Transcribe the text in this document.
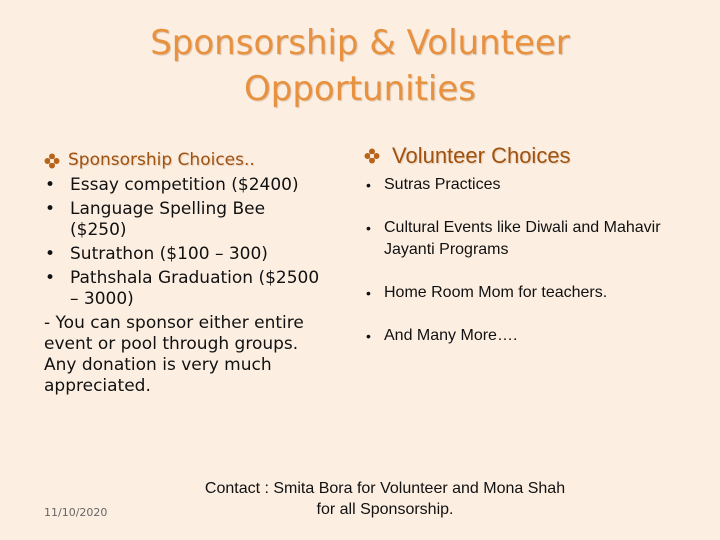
Sponsorship & Volunteer Opportunities
Sponsorship Choices..
• Essay competition ($2400)
• Language Spelling Bee ($250)
• Sutrathon ($100 – 300)
• Pathshala Graduation ($2500 – 3000)
- You can sponsor either entire event or pool through groups. Any donation is very much appreciated.
Volunteer Choices
• Sutras Practices
• Cultural Events like Diwali and Mahavir Jayanti Programs
• Home Room Mom for teachers.
• And Many More….
11/10/2020
Contact : Smita Bora for Volunteer and Mona Shah for all Sponsorship.
